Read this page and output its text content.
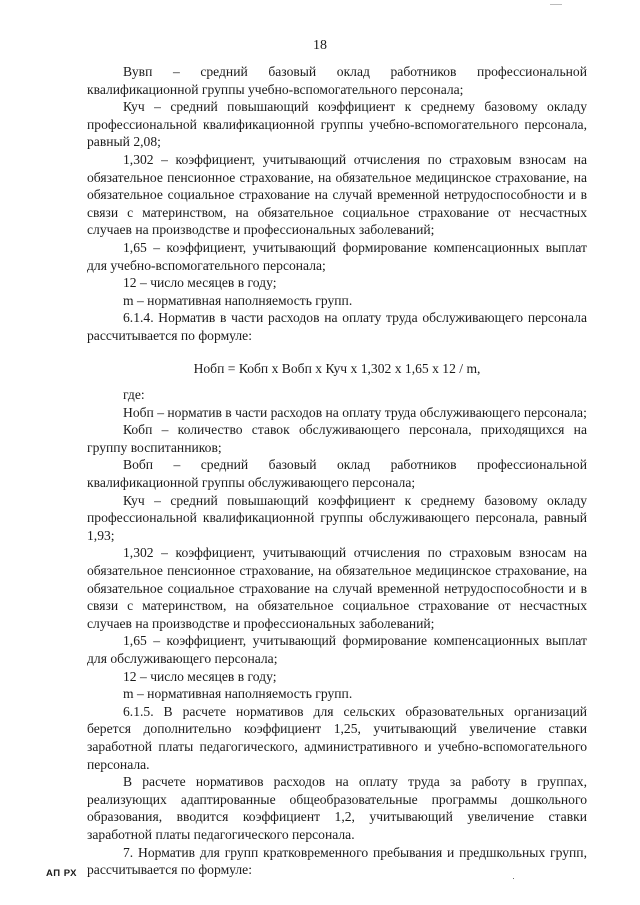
18

Вувп – средний базовый оклад работников профессиональной квалификационной группы учебно-вспомогательного персонала;

Куч – средний повышающий коэффициент к среднему базовому окладу профессиональной квалификационной группы учебно-вспомогательного персонала, равный 2,08;

1,302 – коэффициент, учитывающий отчисления по страховым взносам на обязательное пенсионное страхование, на обязательное медицинское страхование, на обязательное социальное страхование на случай временной нетрудоспособности и в связи с материнством, на обязательное социальное страхование от несчастных случаев на производстве и профессиональных заболеваний;

1,65 – коэффициент, учитывающий формирование компенсационных выплат для учебно-вспомогательного персонала;

12 – число месяцев в году;

m – нормативная наполняемость групп.

6.1.4. Норматив в части расходов на оплату труда обслуживающего персонала рассчитывается по формуле:

Нобп = Кобп x Вобп x Куч x 1,302 x 1,65 x 12 / m,

где:

Нобп – норматив в части расходов на оплату труда обслуживающего персонала;

Кобп – количество ставок обслуживающего персонала, приходящихся на группу воспитанников;

Вобп – средний базовый оклад работников профессиональной квалификационной группы обслуживающего персонала;

Куч – средний повышающий коэффициент к среднему базовому окладу профессиональной квалификационной группы обслуживающего персонала, равный 1,93;

1,302 – коэффициент, учитывающий отчисления по страховым взносам на обязательное пенсионное страхование, на обязательное медицинское страхование, на обязательное социальное страхование на случай временной нетрудоспособности и в связи с материнством, на обязательное социальное страхование от несчастных случаев на производстве и профессиональных заболеваний;

1,65 – коэффициент, учитывающий формирование компенсационных выплат для обслуживающего персонала;

12 – число месяцев в году;

m – нормативная наполняемость групп.

6.1.5. В расчете нормативов для сельских образовательных организаций берется дополнительно коэффициент 1,25, учитывающий увеличение ставки заработной платы педагогического, административного и учебно-вспомогательного персонала.

В расчете нормативов расходов на оплату труда за работу в группах, реализующих адаптированные общеобразовательные программы дошкольного образования, вводится коэффициент 1,2, учитывающий увеличение ставки заработной платы педагогического персонала.

7. Норматив для групп кратковременного пребывания и предшкольных групп, рассчитывается по формуле:

АП РХ
